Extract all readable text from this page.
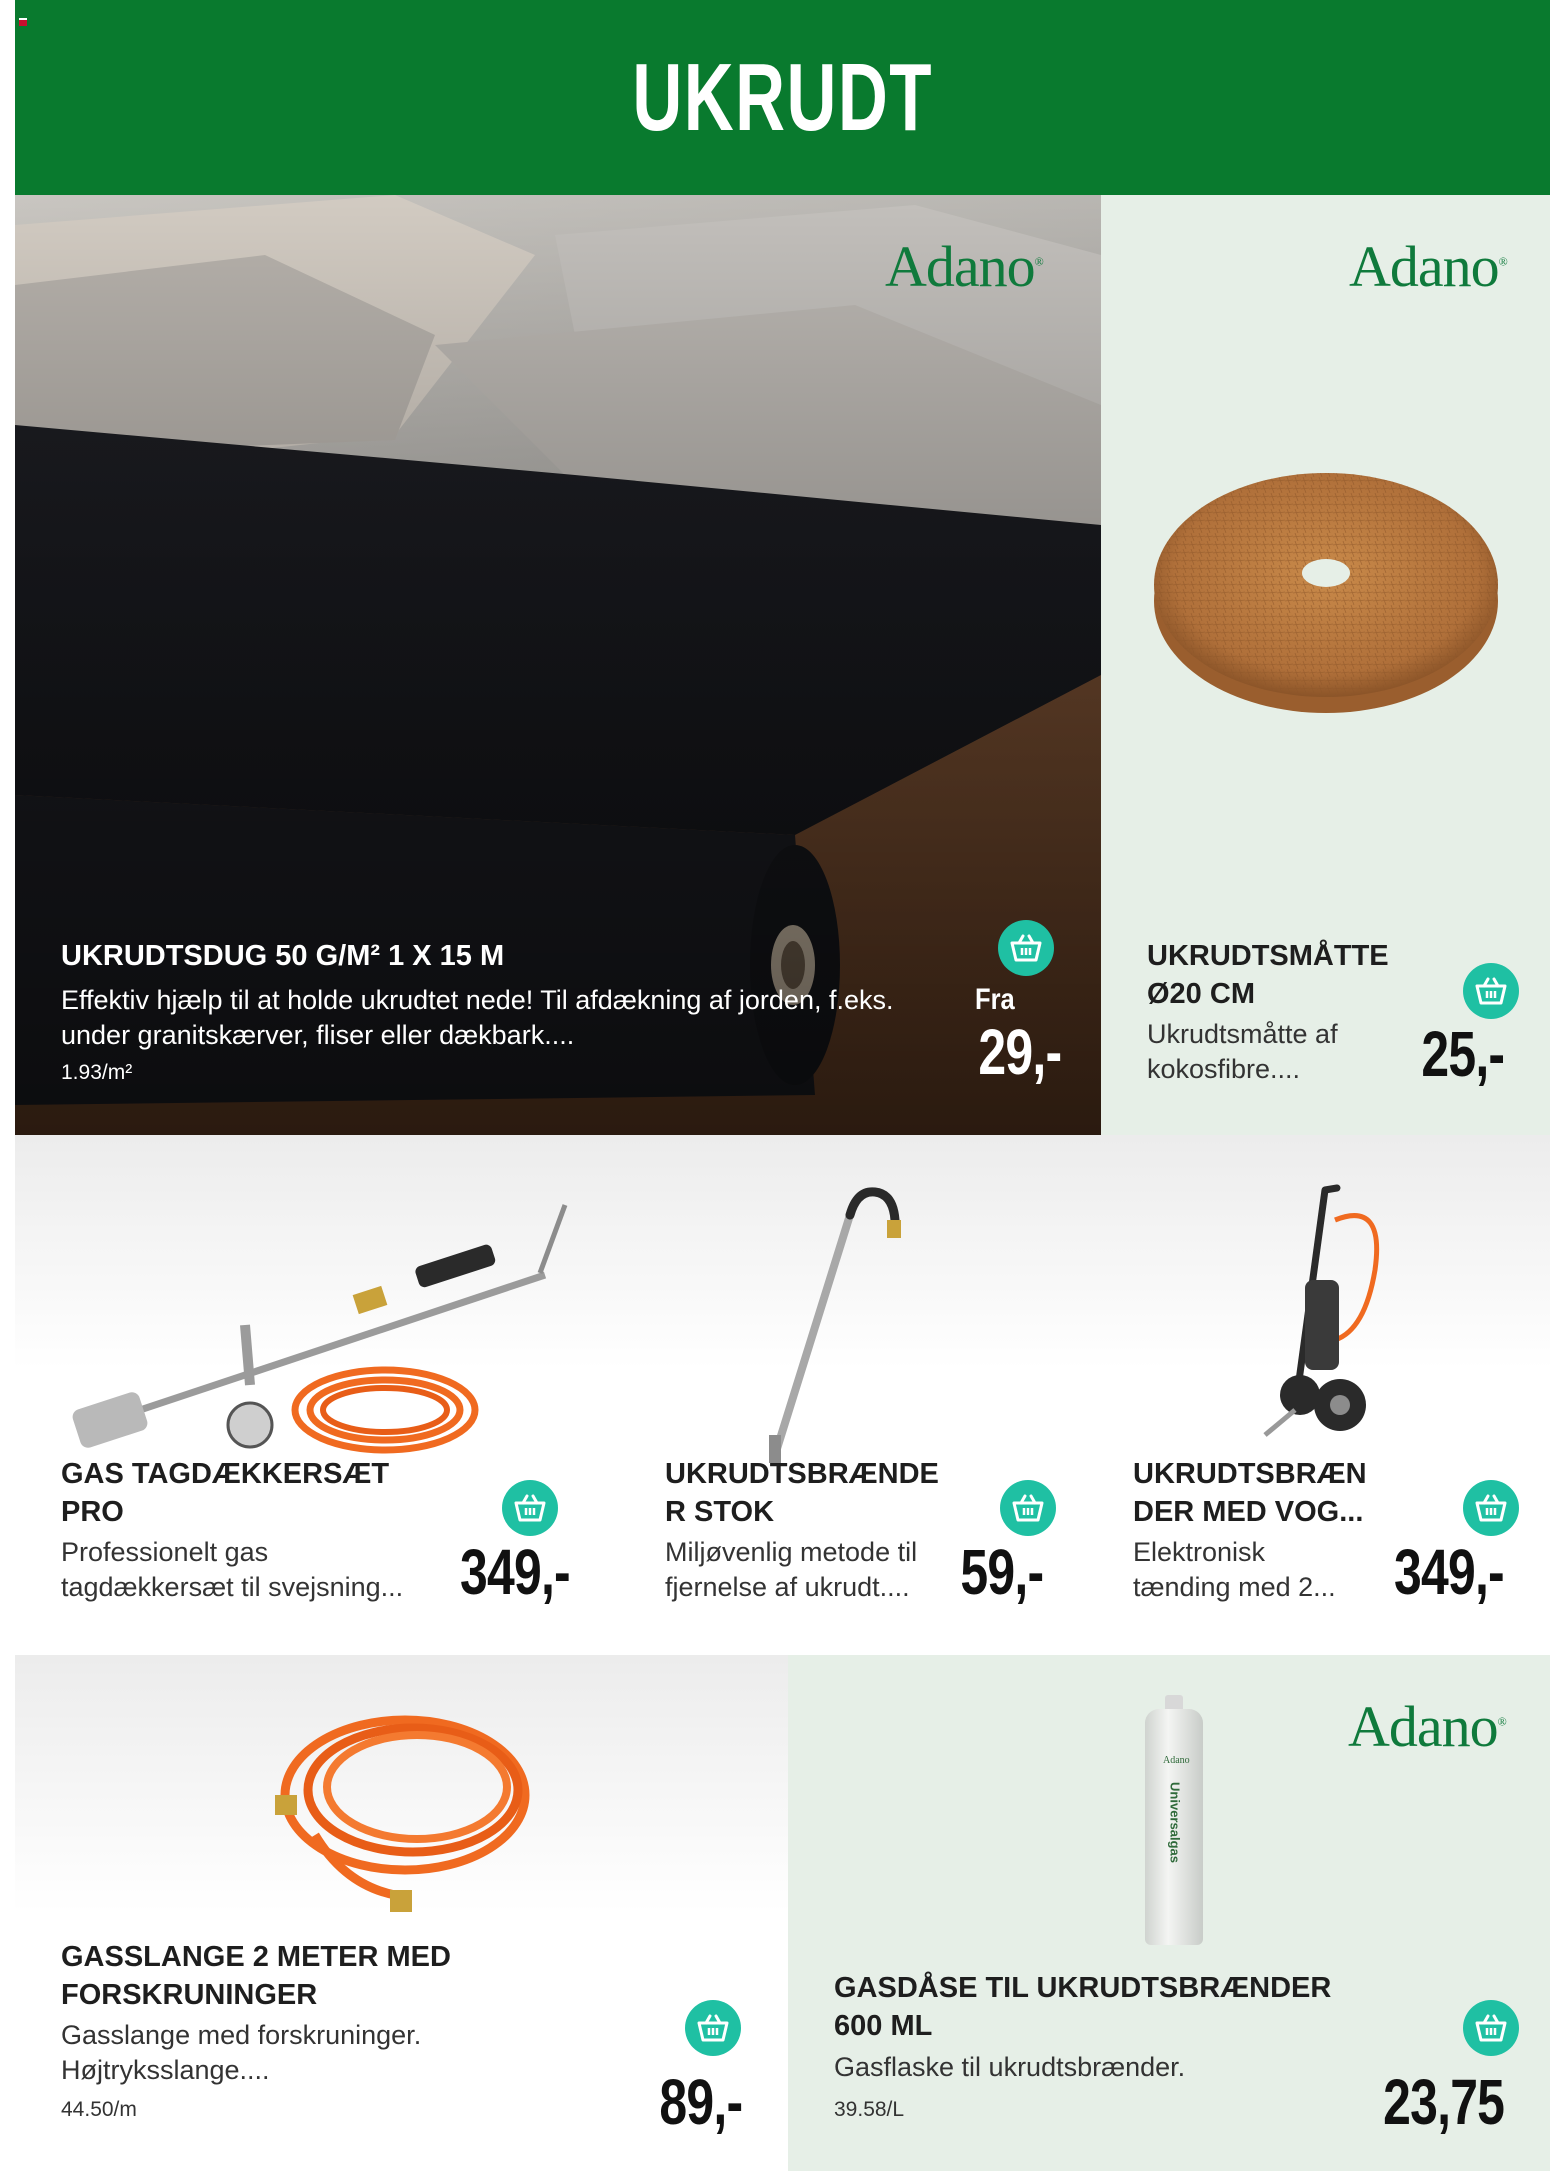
UKRUDT
Adano®
UKRUDTSDUG 50 G/M² 1 X 15 M
Effektiv hjælp til at holde ukrudtet nede! Til afdækning af jorden, f.eks.
under granitskærver, fliser eller dækbark....
1.93/m²
Fra
29,-
Adano®
UKRUDTSMÅTTE
Ø20 CM
Ukrudtsmåtte af
kokosfibre.... 25,-
GAS TAGDÆKKERSÆT
PRO
Professionelt gas
tagdækkersæt til svejsning... 349,-
UKRUDTSBRÆNDE
R STOK
Miljøvenlig metode til
fjernelse af ukrudt.... 59,-
UKRUDTSBRÆN
DER MED VOG...
Elektronisk
tænding med 2... 349,-
GASSLANGE 2 METER MED
FORSKRUNINGER
Gasslange med forskruninger.
Højtryksslange....
44.50/m	89,-
Adano®
Adano
Universalgas
GASDÅSE TIL UKRUDTSBRÆNDER
600 ML
Gasflaske til ukrudtsbrænder.
39.58/L	23,75
